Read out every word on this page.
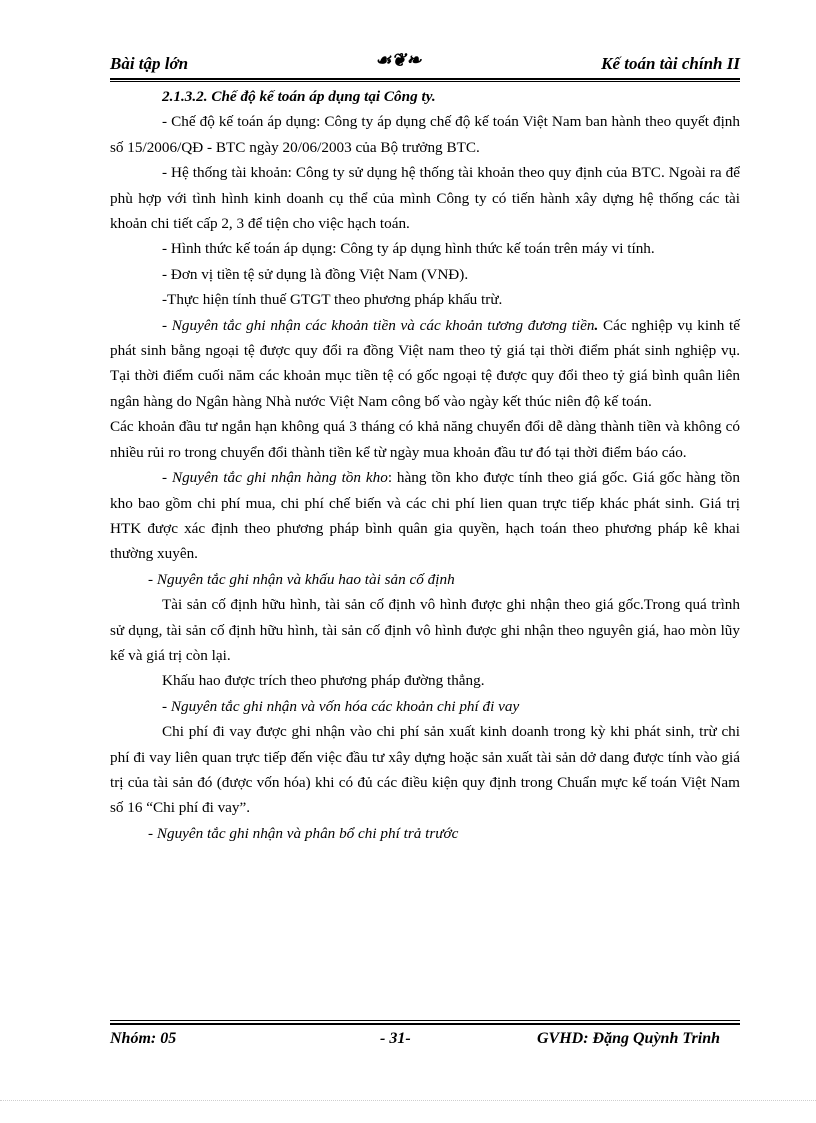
Bài tập lớn	☙❦❧	Kế toán tài chính II

2.1.3.2. Chế độ kế toán áp dụng tại Công ty.

- Chế độ kế toán áp dụng: Công ty áp dụng chế độ kế toán Việt Nam ban hành theo quyết định số 15/2006/QĐ - BTC ngày 20/06/2003 của Bộ trưởng BTC.

- Hệ thống tài khoản: Công ty sử dụng hệ thống tài khoản theo quy định của BTC. Ngoài ra để phù hợp với tình hình kinh doanh cụ thể của mình Công ty có tiến hành xây dựng hệ thống các tài khoản chi tiết cấp 2, 3 để tiện cho việc hạch toán.

- Hình thức kế toán áp dụng: Công ty áp dụng hình thức kế toán trên máy vi tính.

- Đơn vị tiền tệ sử dụng là đồng Việt Nam (VNĐ).

-Thực hiện tính thuế GTGT theo phương pháp khấu trừ.

- Nguyên tắc ghi nhận các khoản tiền và các khoản tương đương tiền. Các nghiệp vụ kinh tế phát sinh bằng ngoại tệ được quy đổi ra đồng Việt nam theo tỷ giá tại thời điểm phát sinh nghiệp vụ. Tại thời điểm cuối năm các khoản mục tiền tệ có gốc ngoại tệ được quy đổi theo tỷ giá bình quân liên ngân hàng do Ngân hàng Nhà nước Việt Nam công bố vào ngày kết thúc niên độ kế toán.

Các khoản đầu tư ngắn hạn không quá 3 tháng có khả năng chuyển đổi dễ dàng thành tiền và không có nhiều rủi ro trong chuyển đổi thành tiền kể từ ngày mua khoản đầu tư đó tại thời điểm báo cáo.

- Nguyên tắc ghi nhận hàng tồn kho: hàng tồn kho được tính theo giá gốc. Giá gốc hàng tồn kho bao gồm chi phí mua, chi phí chế biến và các chi phí lien quan trực tiếp khác phát sinh. Giá trị HTK được xác định theo phương pháp bình quân gia quyền, hạch toán theo phương pháp kê khai thường xuyên.

- Nguyên tắc ghi nhận và khấu hao tài sản cố định

Tài sản cố định hữu hình, tài sản cố định vô hình được ghi nhận theo giá gốc.Trong quá trình sử dụng, tài sản cố định hữu hình, tài sản cố định vô hình được ghi nhận theo nguyên giá, hao mòn lũy kế và giá trị còn lại.

Khấu hao được trích theo phương pháp đường thẳng.

- Nguyên tắc ghi nhận và vốn hóa các khoản chi phí đi vay

Chi phí đi vay được ghi nhận vào chi phí sản xuất kinh doanh trong kỳ khi phát sinh, trừ chi phí đi vay liên quan trực tiếp đến việc đầu tư xây dựng hoặc sản xuất tài sản dở dang được tính vào giá trị của tài sản đó (được vốn hóa) khi có đủ các điều kiện quy định trong Chuẩn mực kế toán Việt Nam số 16 “Chi phí đi vay”.

- Nguyên tắc ghi nhận và phân bổ chi phí trả trước

Nhóm: 05	- 31-	GVHD: Đặng Quỳnh Trinh
